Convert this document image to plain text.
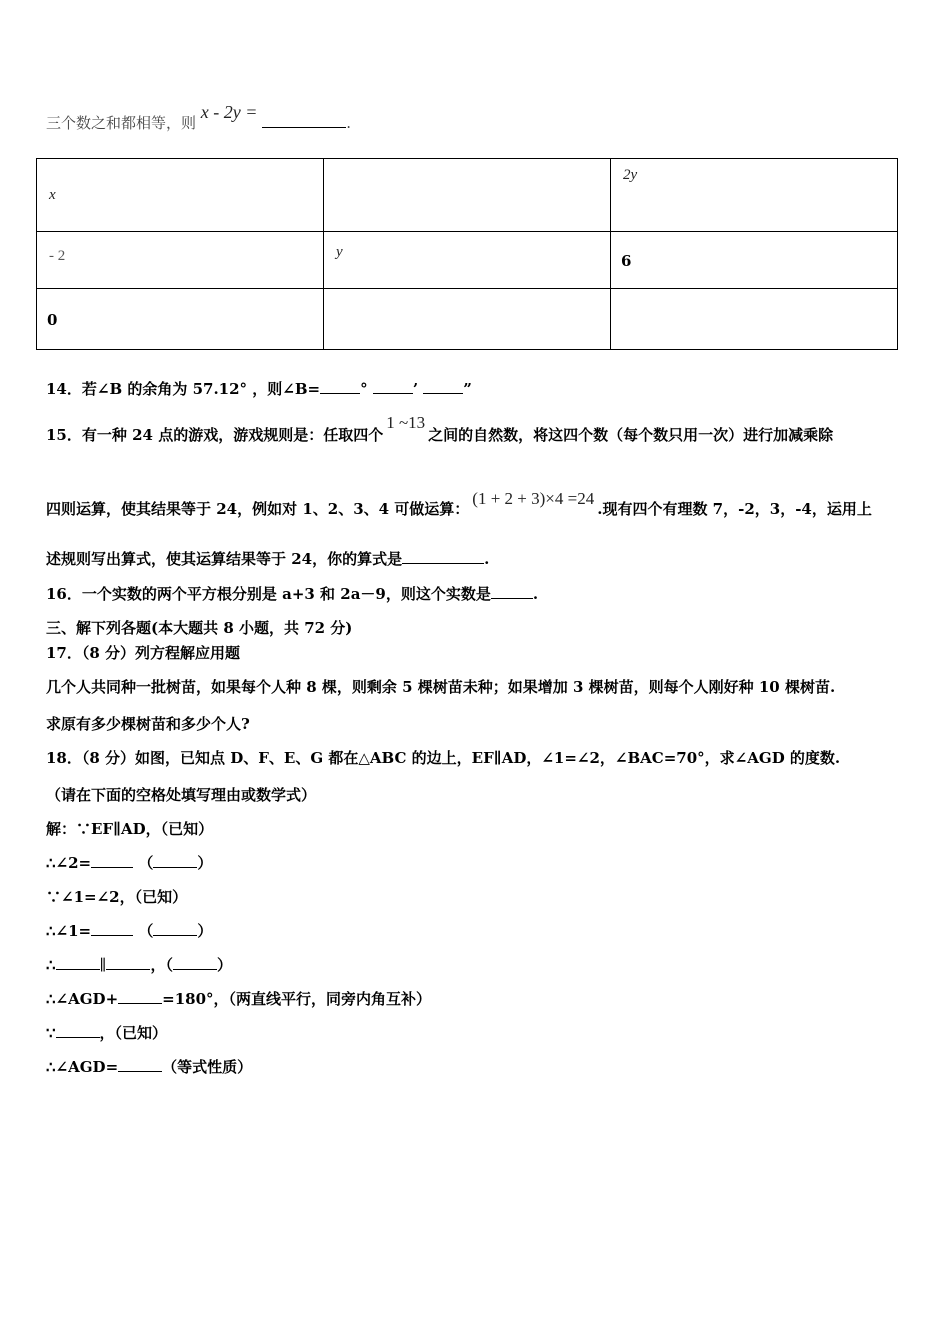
三个数之和都相等，则 x - 2y = .
x		2y

- 2	y	6

0		

14．若∠B 的余角为 57.12° ，则∠B=	°	’	”
15．有一种 24 点的游戏，游戏规则是：任取四个1 ~13之间的自然数，将这四个数（每个数只用一次）进行加减乘除
四则运算，使其结果等于 24，例如对 1、2、3、4 可做运算：(1 + 2 + 3)×4 =24.现有四个有理数 7，-2，3，-4，运用上
述规则写出算式，使其运算结果等于 24，你的算式是	.
16．一个实数的两个平方根分别是 a+3 和 2a－9，则这个实数是	.
三、解下列各题(本大题共 8 小题，共 72 分)
17．（8 分）列方程解应用题
几个人共同种一批树苗，如果每个人种 8 棵，则剩余 5 棵树苗未种；如果增加 3 棵树苗，则每个人刚好种 10 棵树苗.
求原有多少棵树苗和多少个人?
18．（8 分）如图，已知点 D、F、E、G 都在△ABC 的边上，EF∥AD，∠1=∠2，∠BAC=70°，求∠AGD 的度数.
（请在下面的空格处填写理由或数学式）
解：∵EF∥AD，（已知）
∴∠2=	（	）
∵∠1=∠2，（已知）
∴∠1=	（	）
∴	∥	，（	）
∴∠AGD+	=180°，（两直线平行，同旁内角互补）
∵	，（已知）
∴∠AGD=	（等式性质）
